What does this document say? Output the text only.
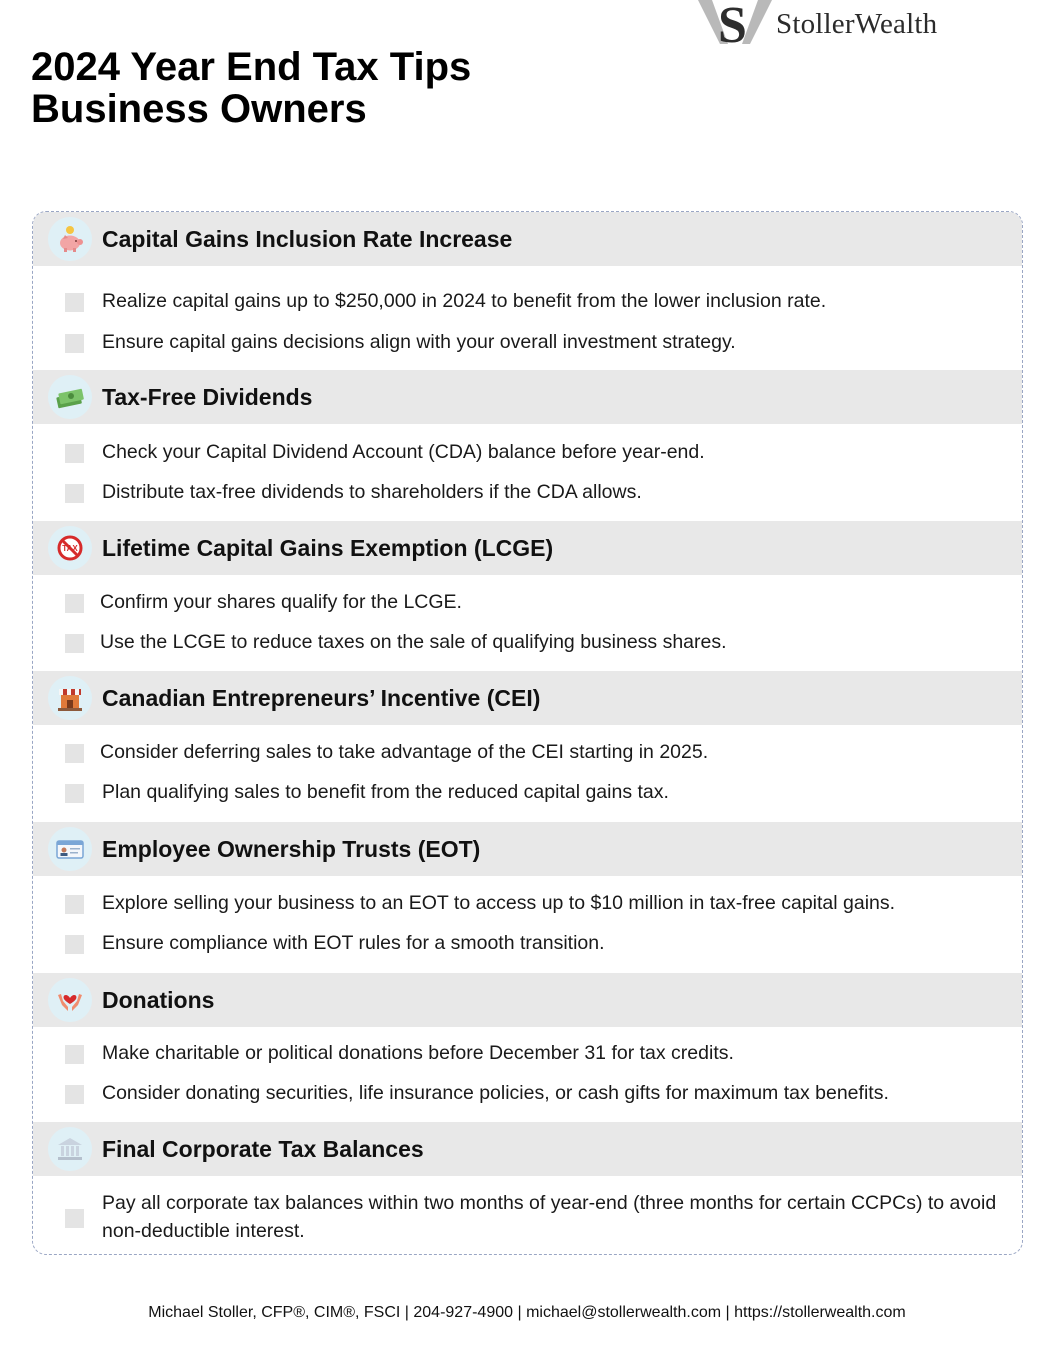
S StollerWealth
2024 Year End Tax Tips
Business Owners
Capital Gains Inclusion Rate Increase
Realize capital gains up to $250,000 in 2024 to benefit from the lower inclusion rate.
Ensure capital gains decisions align with your overall investment strategy.
Tax-Free Dividends
Check your Capital Dividend Account (CDA) balance before year-end.
Distribute tax-free dividends to shareholders if the CDA allows.
TAX Lifetime Capital Gains Exemption (LCGE)
Confirm your shares qualify for the LCGE.
Use the LCGE to reduce taxes on the sale of qualifying business shares.
Canadian Entrepreneurs’ Incentive (CEI)
Consider deferring sales to take advantage of the CEI starting in 2025.
Plan qualifying sales to benefit from the reduced capital gains tax.
Employee Ownership Trusts (EOT)
Explore selling your business to an EOT to access up to $10 million in tax-free capital gains.
Ensure compliance with EOT rules for a smooth transition.
Donations
Make charitable or political donations before December 31 for tax credits.
Consider donating securities, life insurance policies, or cash gifts for maximum tax benefits.
Final Corporate Tax Balances
Pay all corporate tax balances within two months of year-end (three months for certain CCPCs) to avoid non-deductible interest.
Michael Stoller, CFP®, CIM®, FSCI | 204-927-4900 | michael@stollerwealth.com | https://stollerwealth.com
